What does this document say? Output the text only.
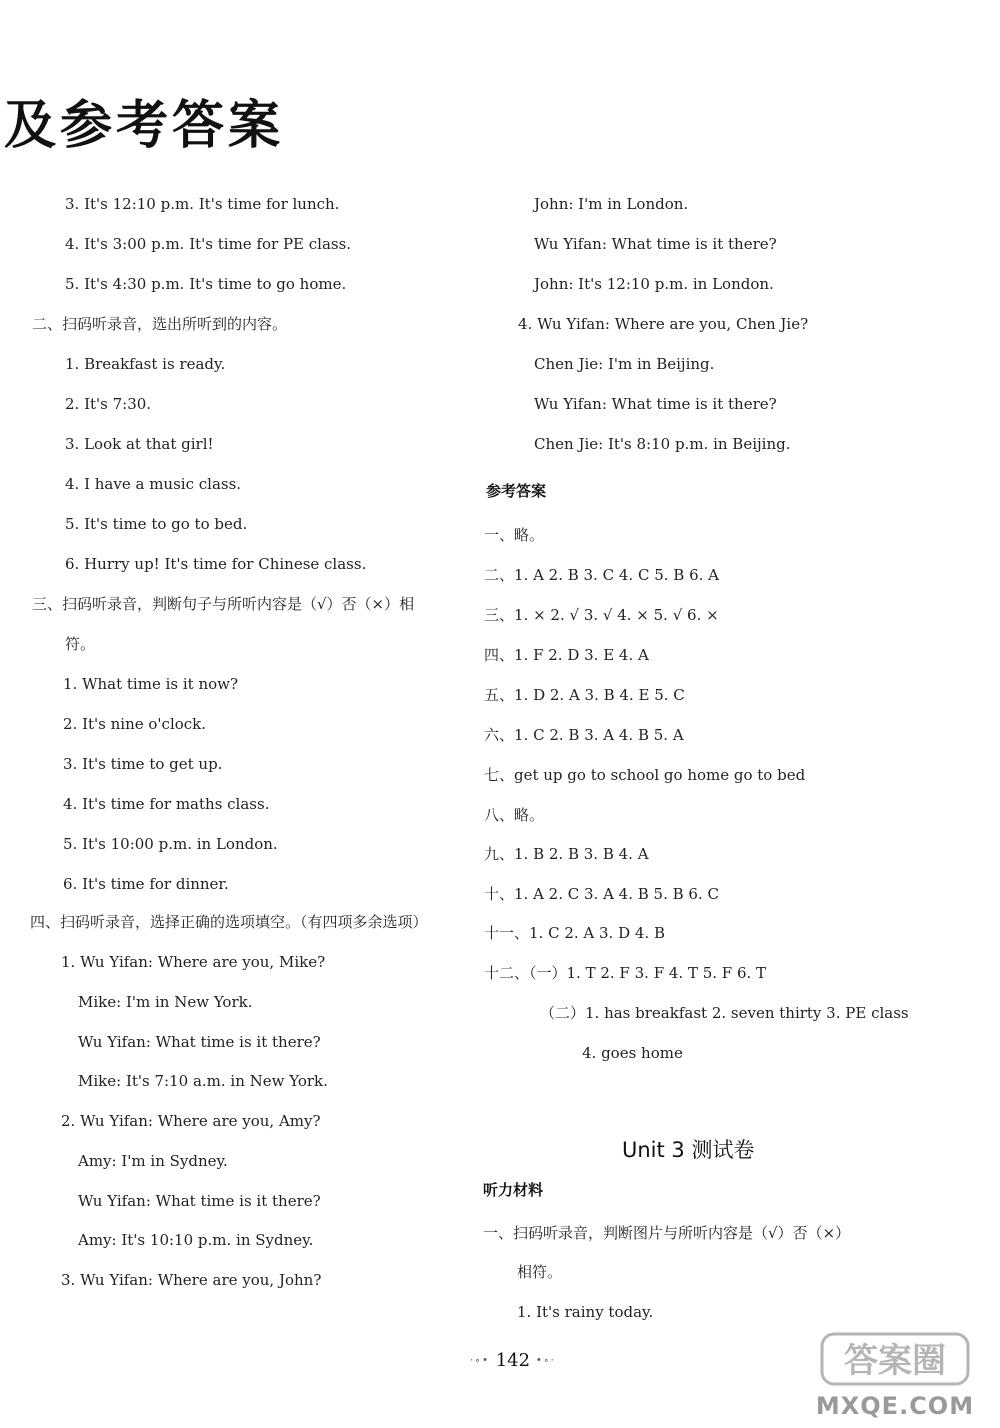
及参考答案
3. It's 12:10 p.m. It's time for lunch.
4. It's 3:00 p.m. It's time for PE class.
5. It's 4:30 p.m. It's time to go home.
二、扫码听录音，选出所听到的内容。
1. Breakfast is ready.
2. It's 7:30.
3. Look at that girl!
4. I have a music class.
5. It's time to go to bed.
6. Hurry up! It's time for Chinese class.
三、扫码听录音，判断句子与所听内容是（√）否（×）相
符。
1. What time is it now?
2. It's nine o'clock.
3. It's time to get up.
4. It's time for maths class.
5. It's 10:00 p.m. in London.
6. It's time for dinner.
四、扫码听录音，选择正确的选项填空。（有四项多余选项）
1. Wu Yifan: Where are you, Mike?
Mike: I'm in New York.
Wu Yifan: What time is it there?
Mike: It's 7:10 a.m. in New York.
2. Wu Yifan: Where are you, Amy?
Amy: I'm in Sydney.
Wu Yifan: What time is it there?
Amy: It's 10:10 p.m. in Sydney.
3. Wu Yifan: Where are you, John?
John: I'm in London.
Wu Yifan: What time is it there?
John: It's 12:10 p.m. in London.
4. Wu Yifan: Where are you, Chen Jie?
Chen Jie: I'm in Beijing.
Wu Yifan: What time is it there?
Chen Jie: It's 8:10 p.m. in Beijing.
一、略。
二、1. A 2. B 3. C 4. C 5. B 6. A
三、1. × 2. √ 3. √ 4. × 5. √ 6. ×
四、1. F 2. D 3. E 4. A
五、1. D 2. A 3. B 4. E 5. C
六、1. C 2. B 3. A 4. B 5. A
七、get up go to school go home go to bed
八、略。
九、1. B 2. B 3. B 4. A
十、1. A 2. C 3. A 4. B 5. B 6. C
十一、1. C 2. A 3. D 4. B
十二、（一）1. T 2. F 3. F 4. T 5. F 6. T
（二）1. has breakfast 2. seven thirty 3. PE class
4. goes home
一、扫码听录音，判断图片与所听内容是（√）否（×）
相符。
1. It's rainy today.
参考答案
Unit 3 测试卷
听力材料
·∘• 142 •∘·	答案圈
MXQE.COM
